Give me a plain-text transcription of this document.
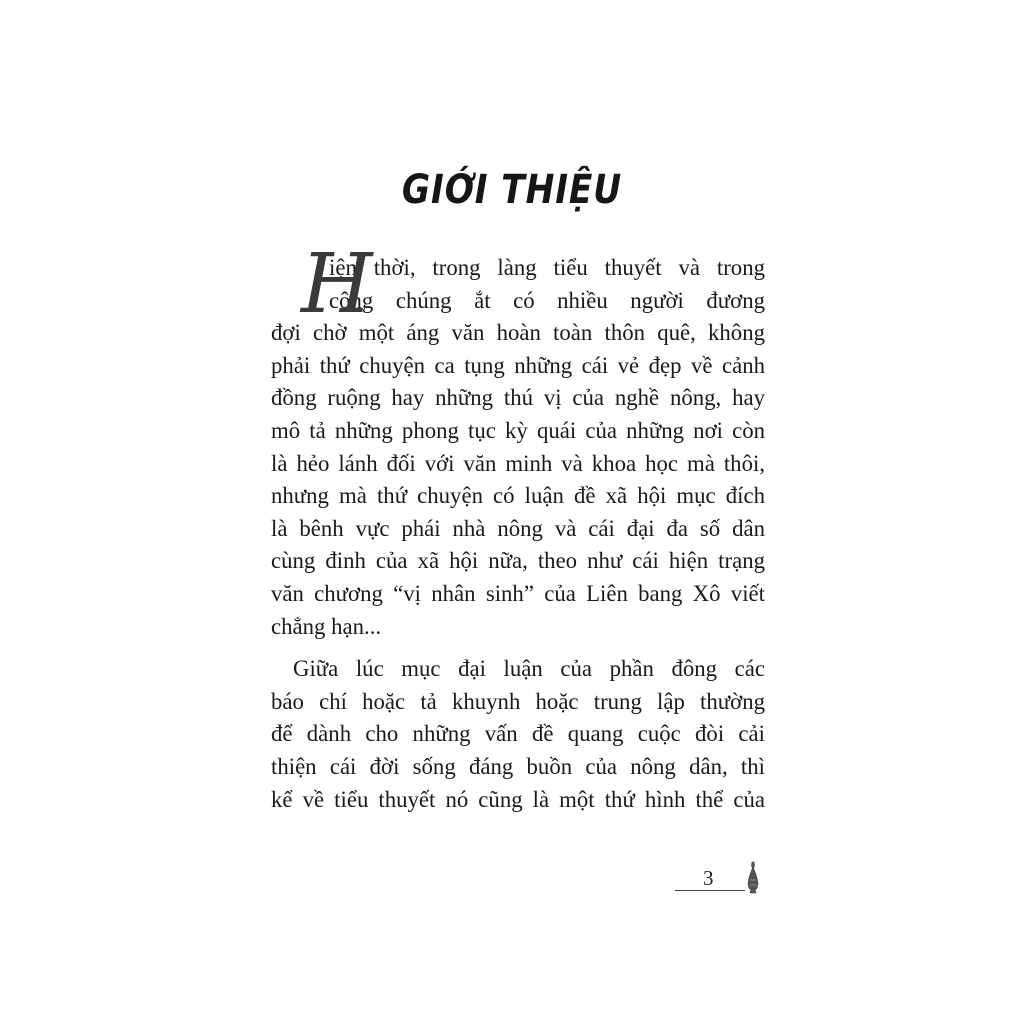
GIỚI THIỆU
H
iện thời, trong làng tiểu thuyết và trong
công chúng ắt có nhiều người đương
đợi chờ một áng văn hoàn toàn thôn quê, không
phải thứ chuyện ca tụng những cái vẻ đẹp về cảnh
đồng ruộng hay những thú vị của nghề nông, hay
mô tả những phong tục kỳ quái của những nơi còn
là hẻo lánh đối với văn minh và khoa học mà thôi,
nhưng mà thứ chuyện có luận đề xã hội mục đích
là bênh vực phái nhà nông và cái đại đa số dân
cùng đinh của xã hội nữa, theo như cái hiện trạng
văn chương “vị nhân sinh” của Liên bang Xô viết
chẳng hạn...
Giữa lúc mục đại luận của phần đông các
báo chí hoặc tả khuynh hoặc trung lập thường
để dành cho những vấn đề quang cuộc đòi cải
thiện cái đời sống đáng buồn của nông dân, thì
kể về tiểu thuyết nó cũng là một thứ hình thể của
3
